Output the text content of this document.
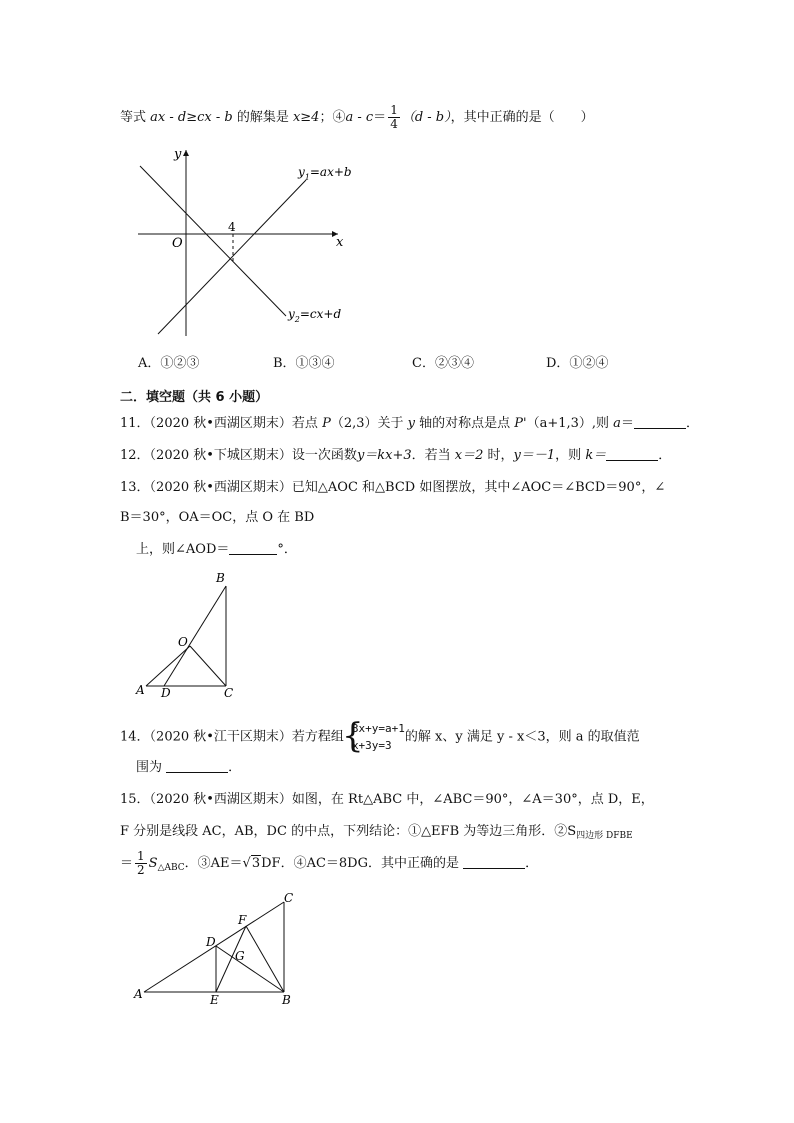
等式 ax - d≥cx - b 的解集是 x≥4；④a - $c= \frac{1}{4} (d - b)$，其中正确的是（　　）
y
x
O
4
$y_1=ax+b$
$y_2=cx+d$
A．①②③	B．①③④	C．②③④	D．①②④
二．填空题（共 6 小题）
11．（2020 秋•西湖区期末）若点 P（2,3）关于 y 轴的对称点是点 P'（a+1,3）,则 a＝	．
12．（2020 秋•下城区期末）设一次函数y＝kx+3．若当 x＝2 时，y＝－1，则 k＝	．
13．（2020 秋•西湖区期末）已知△AOC 和△BCD 如图摆放，其中∠AOC＝∠BCD＝90°，∠
B＝30°，OA＝OC，点 O 在 BD
上，则∠AOD＝	°．
B
O
A D	C
14．（2020 秋•江干区期末）若方程组
{ 3x+y=a+1
x+3y=3
的解 x、y 满足 y - x＜3，则 a 的取值范
围为	．
15．（2020 秋•西湖区期末）如图，在 Rt△ABC 中，∠ABC＝90°，∠A＝30°，点 D，E，
F 分别是线段 AC，AB，DC 的中点，下列结论：①△EFB 为等边三角形．$②S_{四边形 DFBE}$
＝ $\frac{1}{2} S_{\triangle ABC}$．③AE＝√3DF．④AC＝8DG．其中正确的是	．
C
F
D
G
A	E	B
